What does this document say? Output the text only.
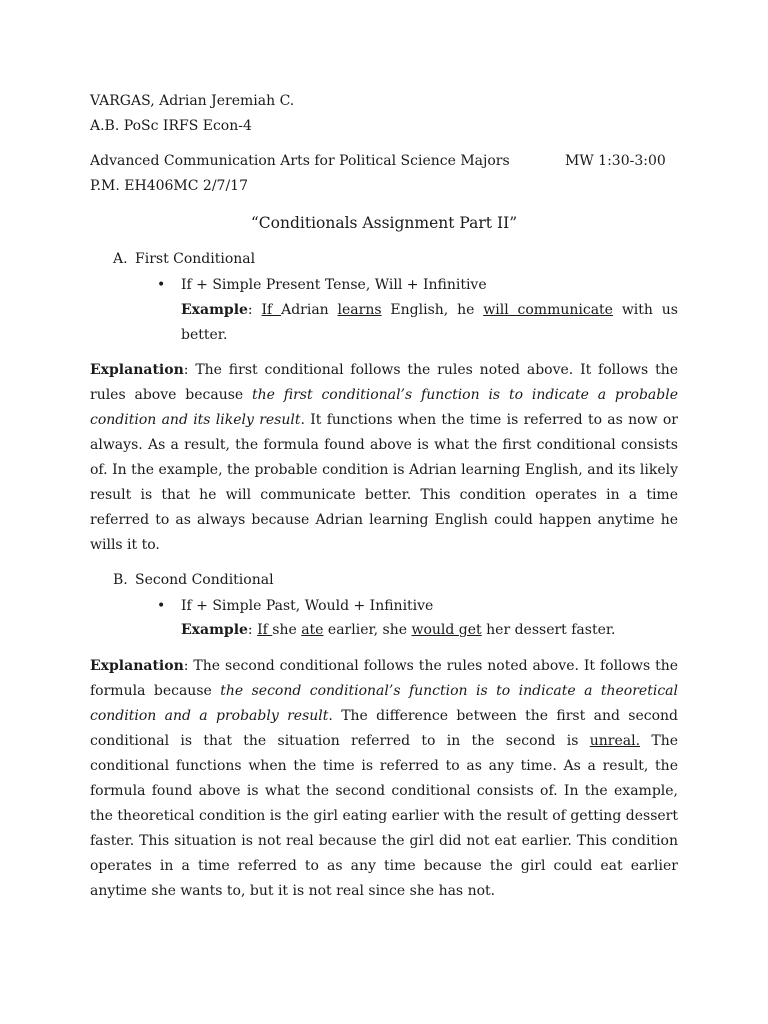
VARGAS, Adrian Jeremiah C.
A.B. PoSc IRFS Econ-4
Advanced Communication Arts for Political Science Majors	MW 1:30-3:00
P.M. EH406MC 2/7/17
“Conditionals Assignment Part II”
A. First Conditional
• If + Simple Present Tense, Will + Infinitive
Example: If Adrian learns English, he will communicate with us better.
Explanation: The first conditional follows the rules noted above. It follows the rules above because the first conditional’s function is to indicate a probable condition and its likely result. It functions when the time is referred to as now or always. As a result, the formula found above is what the first conditional consists of. In the example, the probable condition is Adrian learning English, and its likely result is that he will communicate better. This condition operates in a time referred to as always because Adrian learning English could happen anytime he wills it to.
B. Second Conditional
• If + Simple Past, Would + Infinitive
Example: If she ate earlier, she would get her dessert faster.
Explanation: The second conditional follows the rules noted above. It follows the formula because the second conditional’s function is to indicate a theoretical condition and a probably result. The difference between the first and second conditional is that the situation referred to in the second is unreal. The conditional functions when the time is referred to as any time. As a result, the formula found above is what the second conditional consists of. In the example, the theoretical condition is the girl eating earlier with the result of getting dessert faster. This situation is not real because the girl did not eat earlier. This condition operates in a time referred to as any time because the girl could eat earlier anytime she wants to, but it is not real since she has not.
